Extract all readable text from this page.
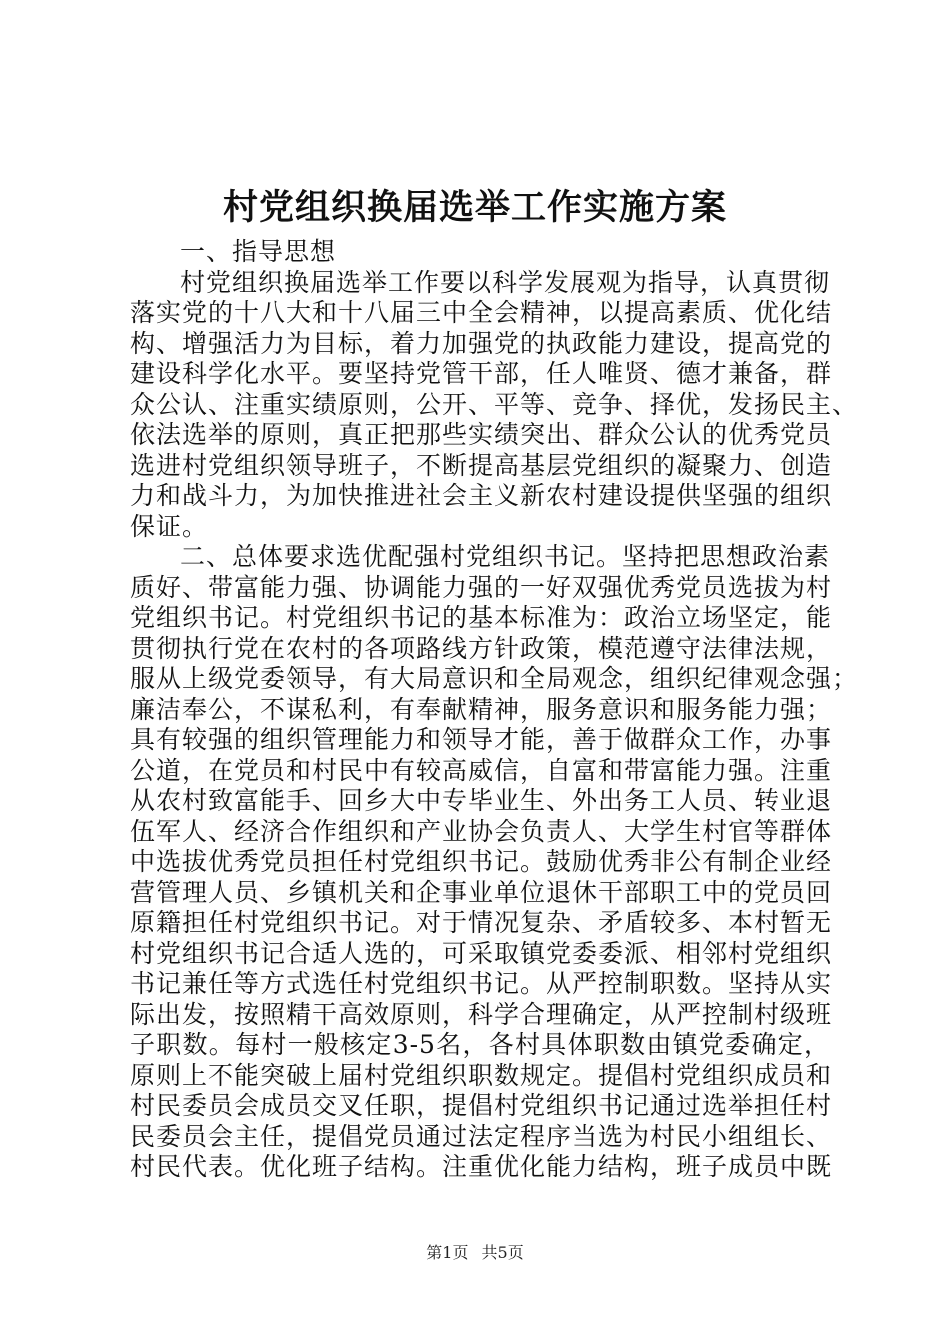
村党组织换届选举工作实施方案
一、指导思想
村党组织换届选举工作要以科学发展观为指导，认真贯彻
落实党的十八大和十八届三中全会精神，以提高素质、优化结
构、增强活力为目标，着力加强党的执政能力建设，提高党的
建设科学化水平。要坚持党管干部，任人唯贤、德才兼备，群
众公认、注重实绩原则，公开、平等、竞争、择优，发扬民主、
依法选举的原则，真正把那些实绩突出、群众公认的优秀党员
选进村党组织领导班子，不断提高基层党组织的凝聚力、创造
力和战斗力，为加快推进社会主义新农村建设提供坚强的组织
保证。
二、总体要求选优配强村党组织书记。坚持把思想政治素
质好、带富能力强、协调能力强的一好双强优秀党员选拔为村
党组织书记。村党组织书记的基本标准为：政治立场坚定，能
贯彻执行党在农村的各项路线方针政策，模范遵守法律法规，
服从上级党委领导，有大局意识和全局观念，组织纪律观念强；
廉洁奉公，不谋私利，有奉献精神，服务意识和服务能力强；
具有较强的组织管理能力和领导才能，善于做群众工作，办事
公道，在党员和村民中有较高威信，自富和带富能力强。注重
从农村致富能手、回乡大中专毕业生、外出务工人员、转业退
伍军人、经济合作组织和产业协会负责人、大学生村官等群体
中选拔优秀党员担任村党组织书记。鼓励优秀非公有制企业经
营管理人员、乡镇机关和企事业单位退休干部职工中的党员回
原籍担任村党组织书记。对于情况复杂、矛盾较多、本村暂无
村党组织书记合适人选的，可采取镇党委委派、相邻村党组织
书记兼任等方式选任村党组织书记。从严控制职数。坚持从实
际出发，按照精干高效原则，科学合理确定，从严控制村级班
子职数。每村一般核定3-5名，各村具体职数由镇党委确定，
原则上不能突破上届村党组织职数规定。提倡村党组织成员和
村民委员会成员交叉任职，提倡村党组织书记通过选举担任村
民委员会主任，提倡党员通过法定程序当选为村民小组组长、
村民代表。优化班子结构。注重优化能力结构，班子成员中既
第1页 共5页
